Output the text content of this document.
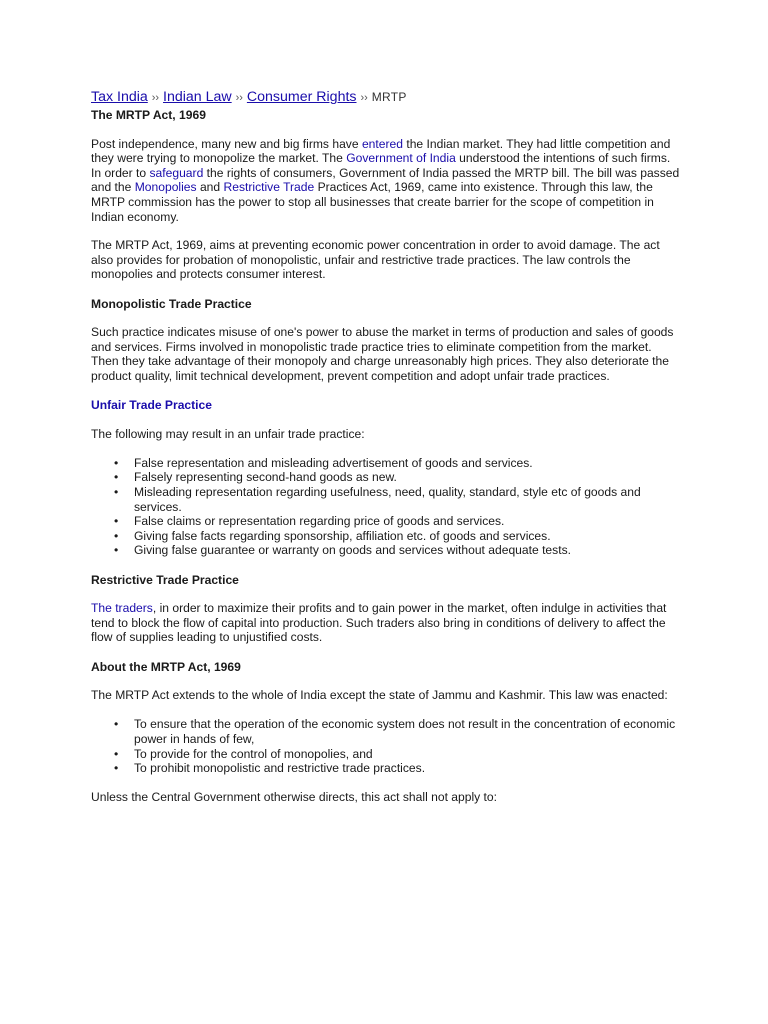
Tax India ›› Indian Law ›› Consumer Rights ›› MRTP

The MRTP Act, 1969

Post independence, many new and big firms have entered the Indian market. They had little competition and they were trying to monopolize the market. The Government of India understood the intentions of such firms. In order to safeguard the rights of consumers, Government of India passed the MRTP bill. The bill was passed and the Monopolies and Restrictive Trade Practices Act, 1969, came into existence. Through this law, the MRTP commission has the power to stop all businesses that create barrier for the scope of competition in Indian economy.

The MRTP Act, 1969, aims at preventing economic power concentration in order to avoid damage. The act also provides for probation of monopolistic, unfair and restrictive trade practices. The law controls the monopolies and protects consumer interest.

Monopolistic Trade Practice

Such practice indicates misuse of one's power to abuse the market in terms of production and sales of goods and services. Firms involved in monopolistic trade practice tries to eliminate competition from the market. Then they take advantage of their monopoly and charge unreasonably high prices. They also deteriorate the product quality, limit technical development, prevent competition and adopt unfair trade practices.

Unfair Trade Practice

The following may result in an unfair trade practice:

• False representation and misleading advertisement of goods and services.
• Falsely representing second-hand goods as new.
• Misleading representation regarding usefulness, need, quality, standard, style etc of goods and services.
• False claims or representation regarding price of goods and services.
• Giving false facts regarding sponsorship, affiliation etc. of goods and services.
• Giving false guarantee or warranty on goods and services without adequate tests.

Restrictive Trade Practice

The traders, in order to maximize their profits and to gain power in the market, often indulge in activities that tend to block the flow of capital into production. Such traders also bring in conditions of delivery to affect the flow of supplies leading to unjustified costs.

About the MRTP Act, 1969

The MRTP Act extends to the whole of India except the state of Jammu and Kashmir. This law was enacted:

• To ensure that the operation of the economic system does not result in the concentration of economic power in hands of few,
• To provide for the control of monopolies, and
• To prohibit monopolistic and restrictive trade practices.

Unless the Central Government otherwise directs, this act shall not apply to:
